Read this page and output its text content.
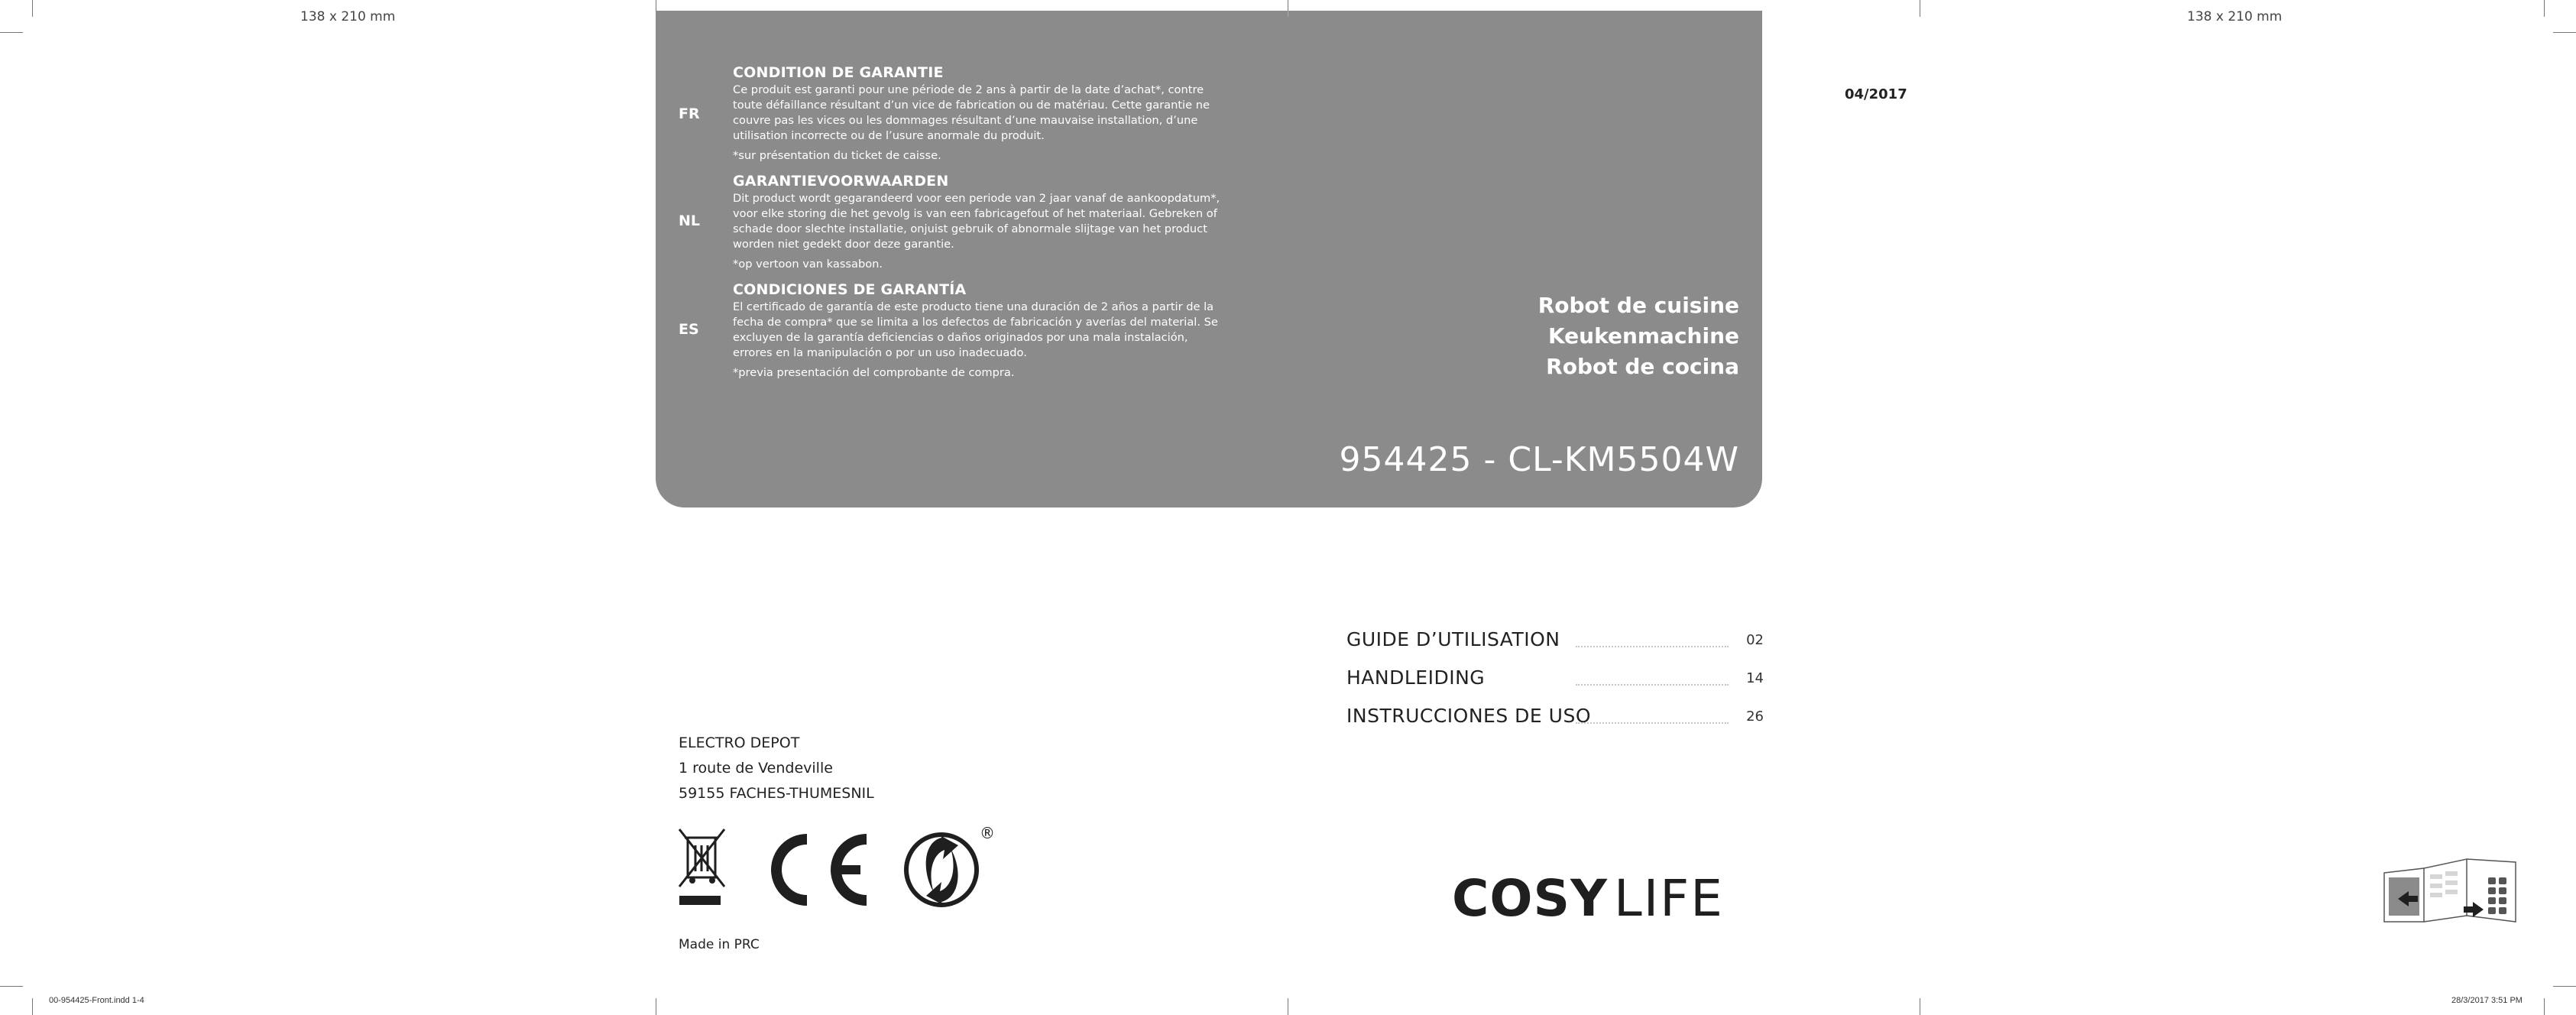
138 x 210 mm	138 x 210 mm
FR
CONDITION DE GARANTIE
Ce produit est garanti pour une période de 2 ans à partir de la date d’achat*, contre toute défaillance résultant d’un vice de fabrication ou de matériau. Cette garantie ne couvre pas les vices ou les dommages résultant d’une mauvaise installation, d’une utilisation incorrecte ou de l’usure anormale du produit.
*sur présentation du ticket de caisse.
NL
GARANTIEVOORWAARDEN
Dit product wordt gegarandeerd voor een periode van 2 jaar vanaf de aankoopdatum*, voor elke storing die het gevolg is van een fabricagefout of het materiaal. Gebreken of schade door slechte installatie, onjuist gebruik of abnormale slijtage van het product worden niet gedekt door deze garantie.
*op vertoon van kassabon.
ES
CONDICIONES DE GARANTÍA
El certificado de garantía de este producto tiene una duración de 2 años a partir de la fecha de compra* que se limita a los defectos de fabricación y averías del material. Se excluyen de la garantía deficiencias o daños originados por una mala instalación, errores en la manipulación o por un uso inadecuado.
*previa presentación del comprobante de compra.
Robot de cuisine
Keukenmachine
Robot de cocina
954425 - CL-KM5504W
04/2017
GUIDE D’UTILISATION	02
HANDLEIDING	14
INSTRUCCIONES DE USO	26
ELECTRO DEPOT
1 route de Vendeville
59155 FACHES-THUMESNIL
®
Made in PRC
COSY LIFE
00-954425-Front.indd 1-4	28/3/2017 3:51 PM
